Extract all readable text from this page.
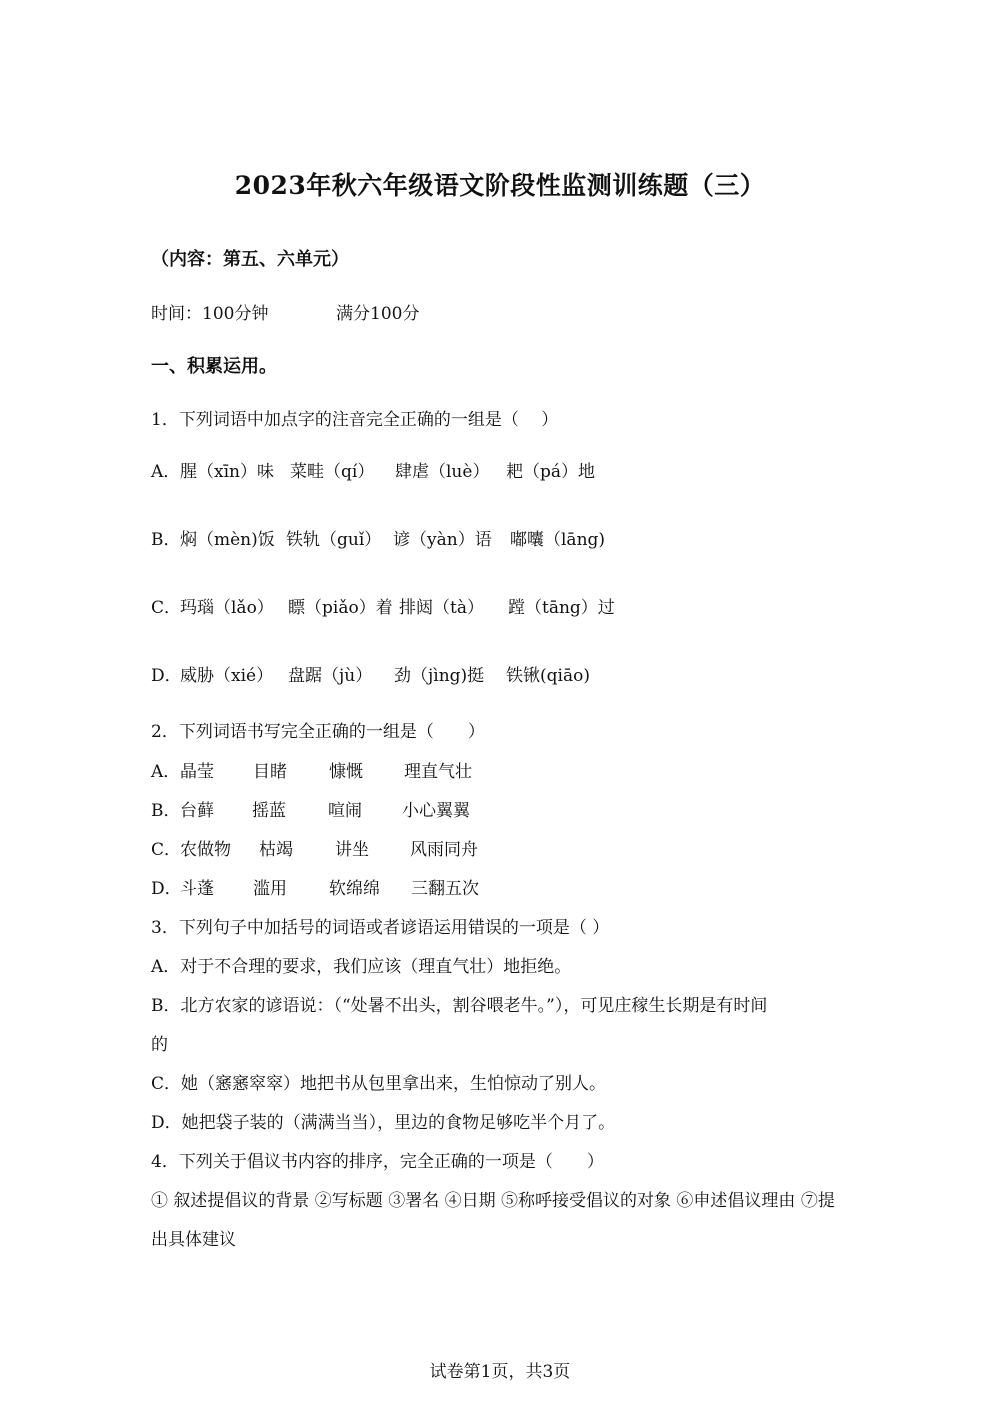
2023年秋六年级语文阶段性监测训练题（三）
（内容：第五、六单元）
时间：100分钟	满分100分
一、积累运用。
1．下列词语中加点字的注音完全正确的一组是（　 ）
A． 腥（xīn）味 菜畦（qí） 肆虐（luè） 耙（pá）地
B． 焖（mèn)饭 铁轨（guǐ） 谚（yàn）语 嘟囔（lāng)
C．
玛瑙（lǎo） 瞟（piǎo）着 排闼（tà） 蹚（tāng）过
D．
威胁（xié） 盘踞（jù） 劲（jìng)挺 铁锹(qiāo)
2．下列词语书写完全正确的一组是（　　）
A． 晶莹 目睹 慷慨 理直气壮
B． 台藓 摇蓝 喧闹 小心翼翼
C．
农做物 枯竭 讲坐 风雨同舟
D．
斗蓬 滥用 软绵绵 三翻五次
3．下列句子中加括号的词语或者谚语运用错误的一项是（ ）
A．对于不合理的要求，我们应该（理直气壮）地拒绝。
B．北方农家的谚语说：（“处暑不出头，割谷喂老牛。”），可见庄稼生长期是有时间
的
C．她（窸窸窣窣）地把书从包里拿出来，生怕惊动了别人。
D．她把袋子装的（满满当当），里边的食物足够吃半个月了。
4．下列关于倡议书内容的排序，完全正确的一项是（　　）
① 叙述提倡议的背景 ②写标题 ③署名 ④日期 ⑤称呼接受倡议的对象 ⑥申述倡议理由 ⑦提
出具体建议
试卷第1页，共3页
